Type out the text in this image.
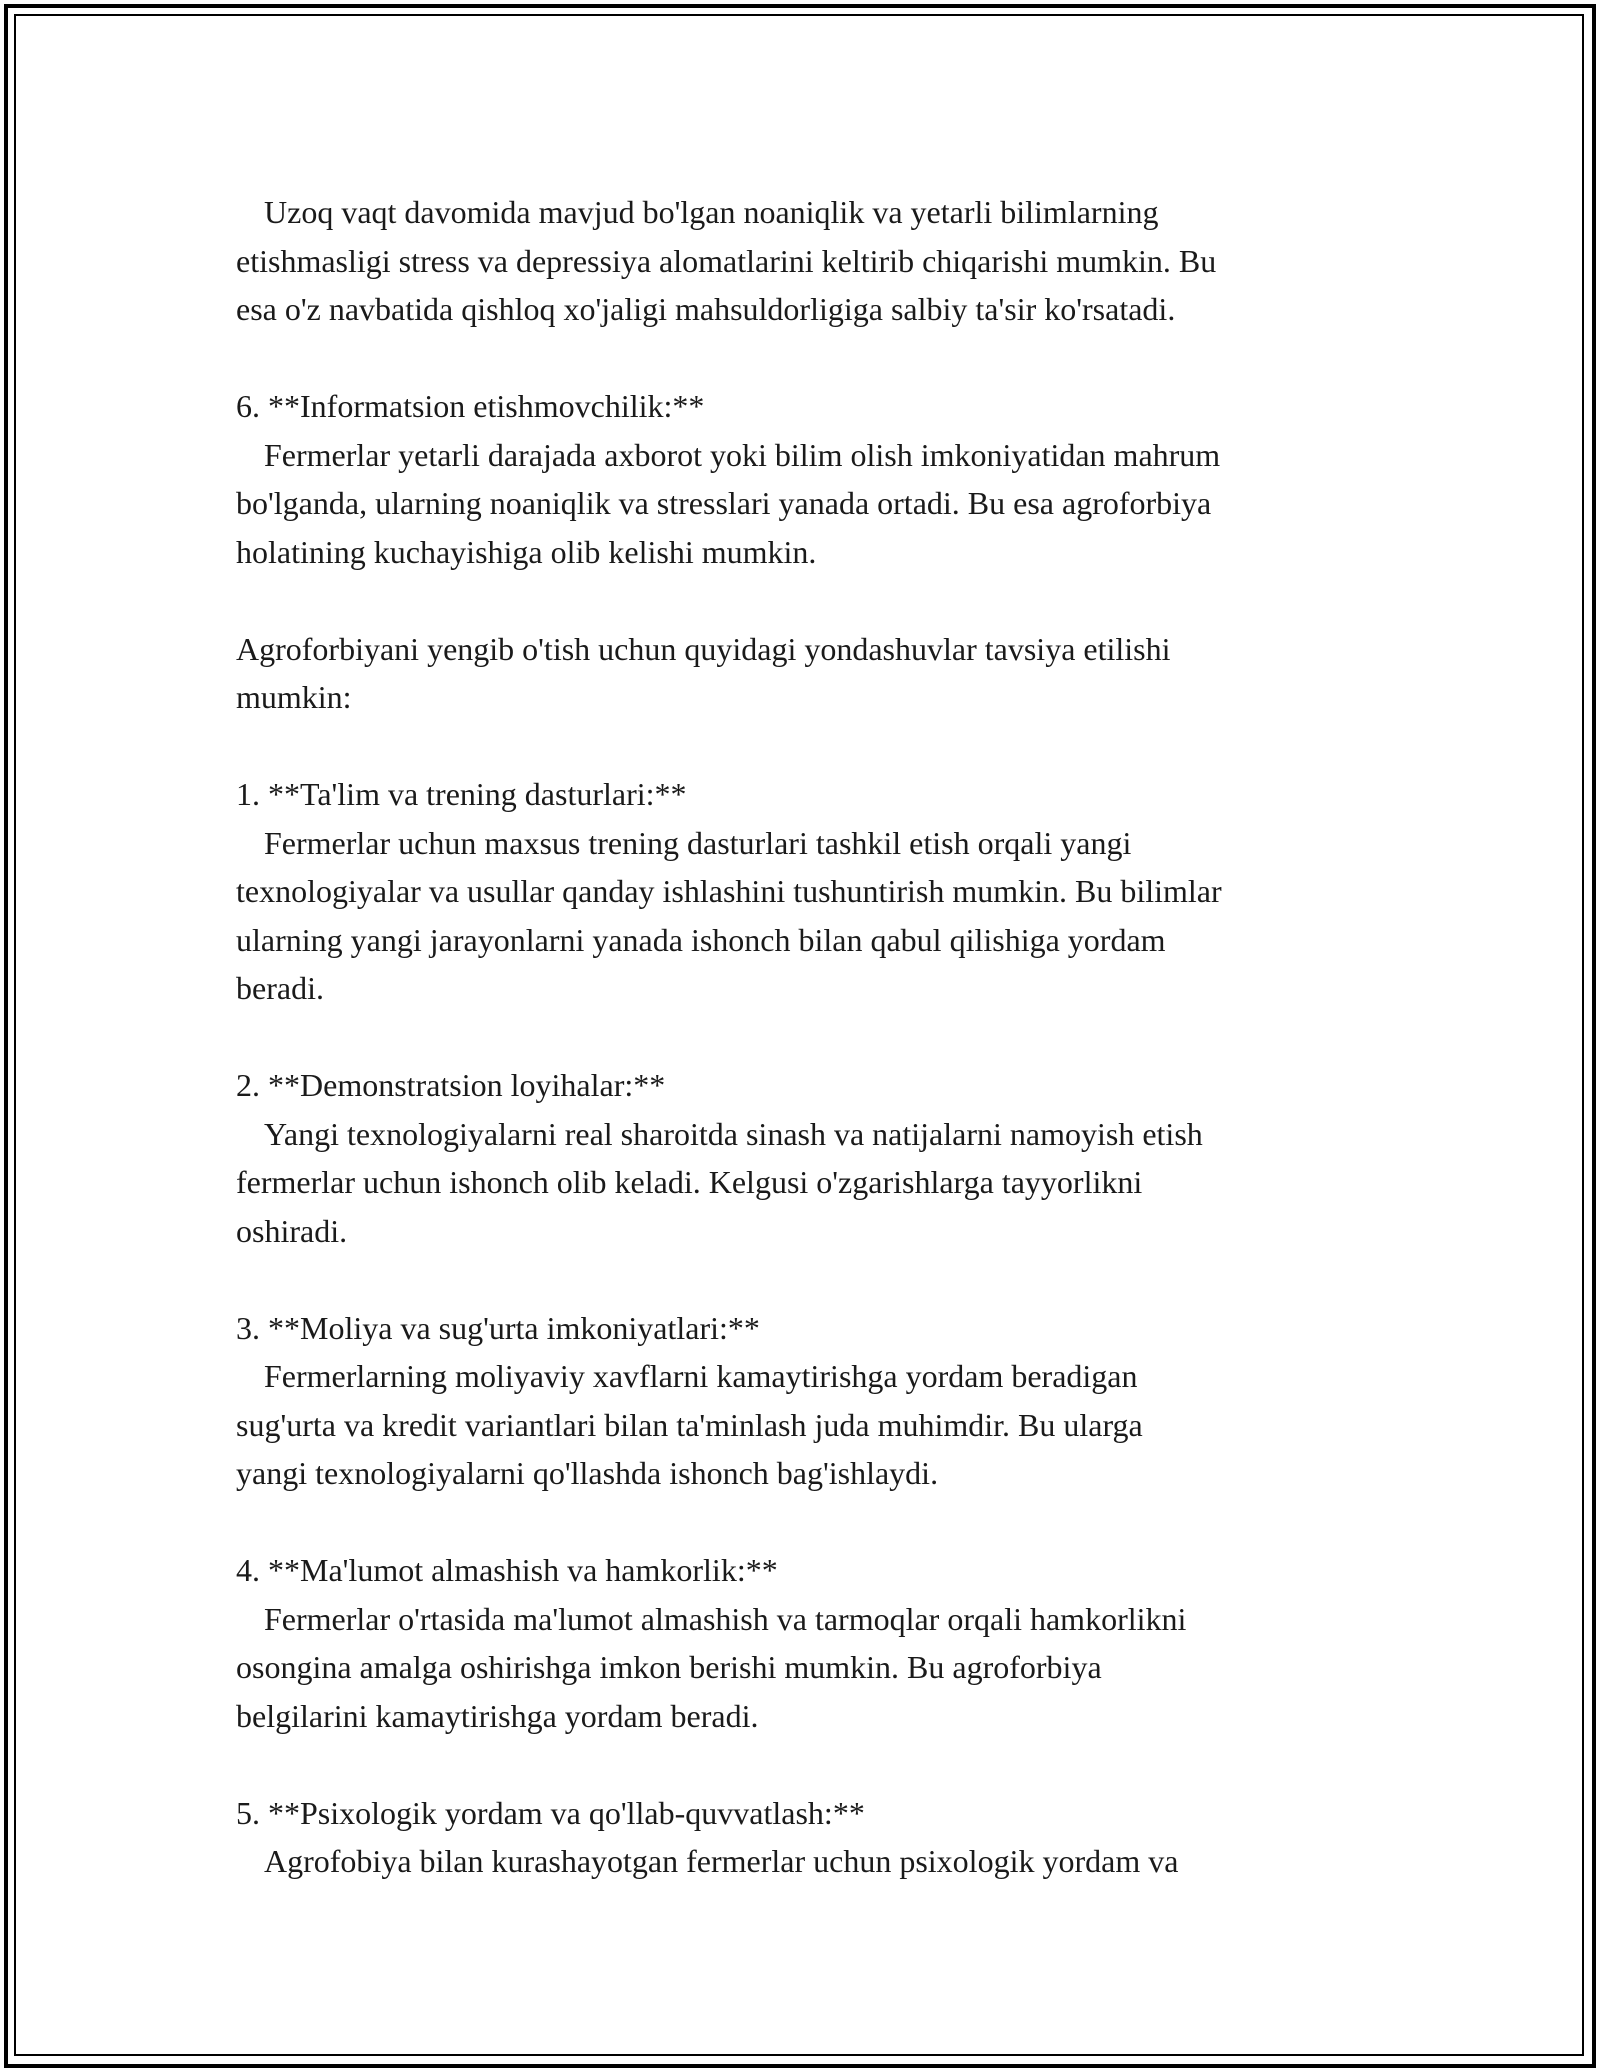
Uzoq vaqt davomida mavjud bo'lgan noaniqlik va yetarli bilimlarning
etishmasligi stress va depressiya alomatlarini keltirib chiqarishi mumkin. Bu
esa o'z navbatida qishloq xo'jaligi mahsuldorligiga salbiy ta'sir ko'rsatadi.
6. **Informatsion etishmovchilik:**
Fermerlar yetarli darajada axborot yoki bilim olish imkoniyatidan mahrum
bo'lganda, ularning noaniqlik va stresslari yanada ortadi. Bu esa agroforbiya
holatining kuchayishiga olib kelishi mumkin.
Agroforbiyani yengib o'tish uchun quyidagi yondashuvlar tavsiya etilishi
mumkin:
1. **Ta'lim va trening dasturlari:**
Fermerlar uchun maxsus trening dasturlari tashkil etish orqali yangi
texnologiyalar va usullar qanday ishlashini tushuntirish mumkin. Bu bilimlar
ularning yangi jarayonlarni yanada ishonch bilan qabul qilishiga yordam
beradi.
2. **Demonstratsion loyihalar:**
Yangi texnologiyalarni real sharoitda sinash va natijalarni namoyish etish
fermerlar uchun ishonch olib keladi. Kelgusi o'zgarishlarga tayyorlikni
oshiradi.
3. **Moliya va sug'urta imkoniyatlari:**
Fermerlarning moliyaviy xavflarni kamaytirishga yordam beradigan
sug'urta va kredit variantlari bilan ta'minlash juda muhimdir. Bu ularga
yangi texnologiyalarni qo'llashda ishonch bag'ishlaydi.
4. **Ma'lumot almashish va hamkorlik:**
Fermerlar o'rtasida ma'lumot almashish va tarmoqlar orqali hamkorlikni
osongina amalga oshirishga imkon berishi mumkin. Bu agroforbiya
belgilarini kamaytirishga yordam beradi.
5. **Psixologik yordam va qo'llab-quvvatlash:**
Agrofobiya bilan kurashayotgan fermerlar uchun psixologik yordam va
